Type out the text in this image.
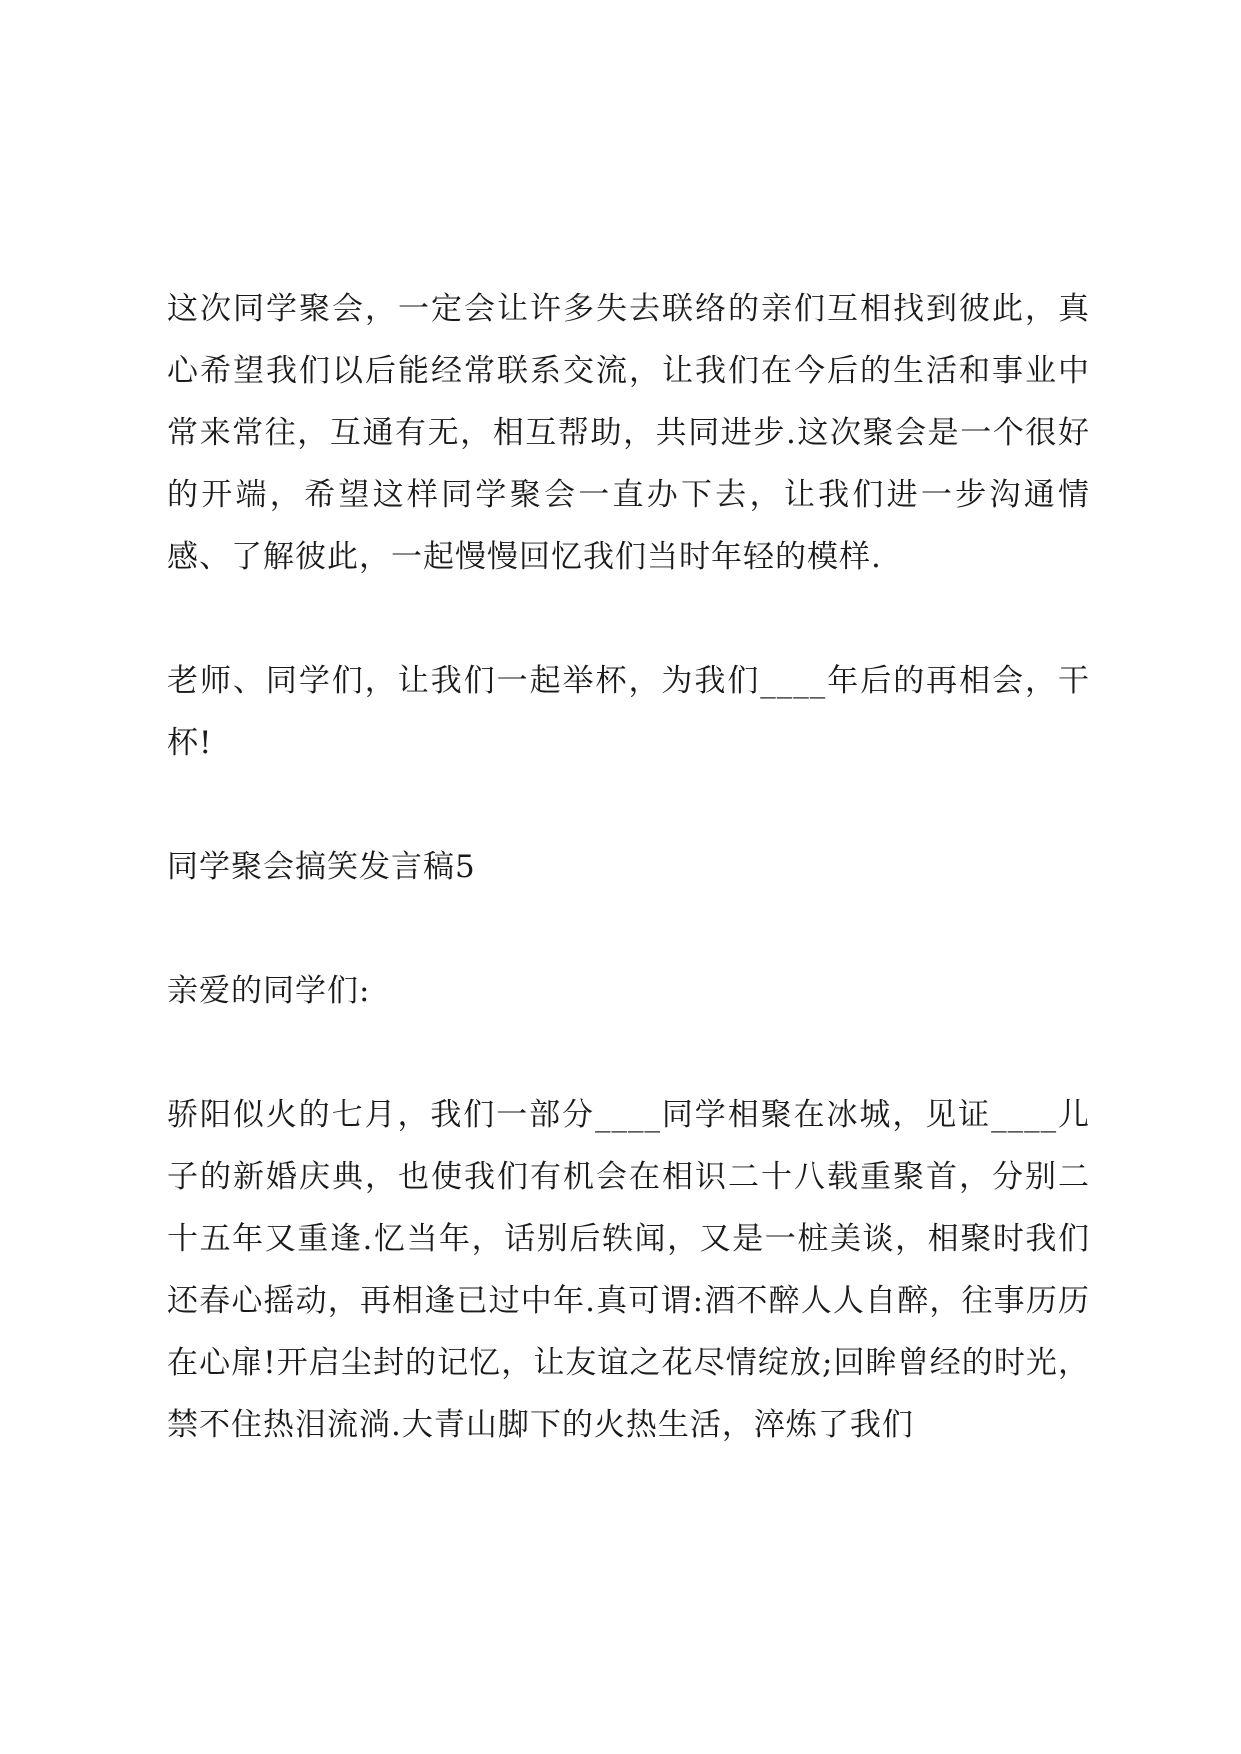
这次同学聚会，一定会让许多失去联络的亲们互相找到彼此，真心希望我们以后能经常联系交流，让我们在今后的生活和事业中常来常往，互通有无，相互帮助，共同进步.这次聚会是一个很好的开端，希望这样同学聚会一直办下去，让我们进一步沟通情感、了解彼此，一起慢慢回忆我们当时年轻的模样.

老师、同学们，让我们一起举杯，为我们____年后的再相会，干杯!

同学聚会搞笑发言稿5

亲爱的同学们:

骄阳似火的七月，我们一部分____同学相聚在冰城，见证____儿子的新婚庆典，也使我们有机会在相识二十八载重聚首，分别二十五年又重逢.忆当年，话别后轶闻，又是一桩美谈，相聚时我们还春心摇动，再相逢已过中年.真可谓:酒不醉人人自醉，往事历历在心扉!开启尘封的记忆，让友谊之花尽情绽放;回眸曾经的时光，禁不住热泪流淌.大青山脚下的火热生活，淬炼了我们
